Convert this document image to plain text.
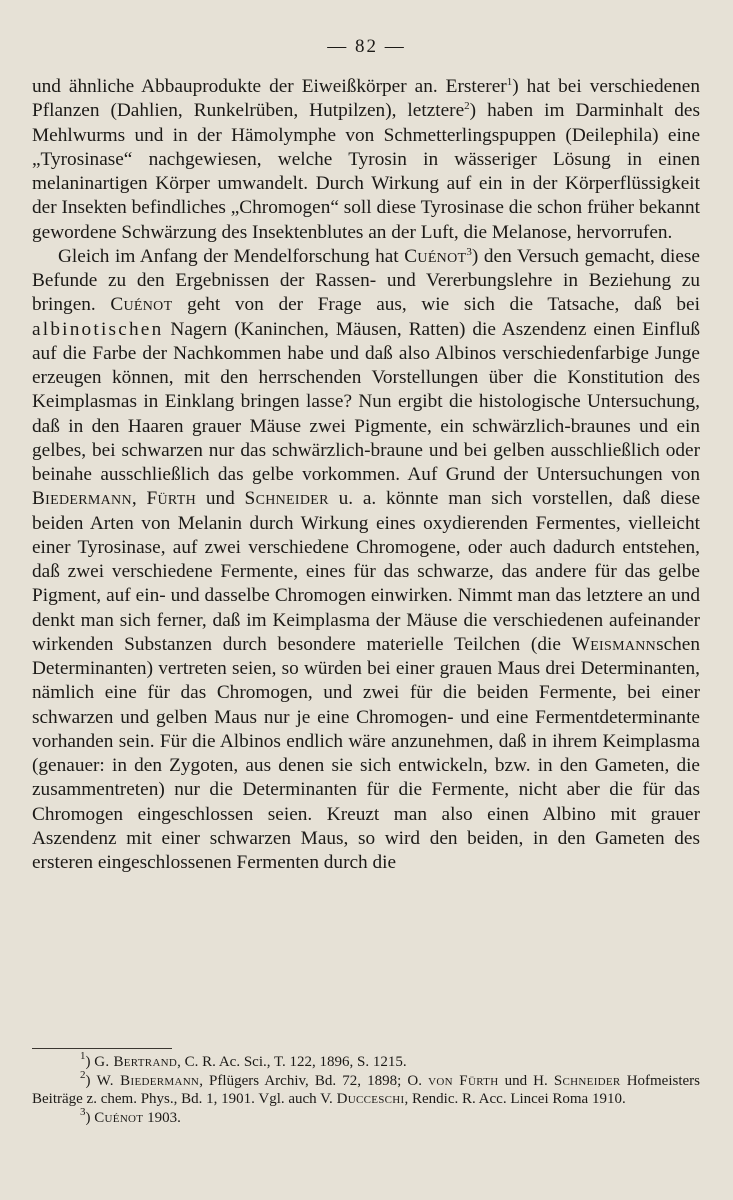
— 82 —

und ähnliche Abbauprodukte der Eiweißkörper an. Ersterer$^1$) hat bei verschiedenen Pflanzen (Dahlien, Runkelrüben, Hutpilzen), letztere$^2$) haben im Darminhalt des Mehlwurms und in der Hämolymphe von Schmetterlingspuppen (Deilephila) eine „Tyrosinase“ nachgewiesen, welche Tyrosin in wässeriger Lösung in einen melaninartigen Körper umwandelt. Durch Wirkung auf ein in der Körperflüssigkeit der Insekten befindliches „Chromogen“ soll diese Tyrosinase die schon früher bekannt gewordene Schwärzung des Insektenblutes an der Luft, die Melanose, hervorrufen.

Gleich im Anfang der Mendelforschung hat Cuénot$^3$) den Versuch gemacht, diese Befunde zu den Ergebnissen der Rassen- und Vererbungslehre in Beziehung zu bringen. Cuénot geht von der Frage aus, wie sich die Tatsache, daß bei albinotischen Nagern (Kaninchen, Mäusen, Ratten) die Aszendenz einen Einfluß auf die Farbe der Nachkommen habe und daß also Albinos verschiedenfarbige Junge erzeugen können, mit den herrschenden Vorstellungen über die Konstitution des Keimplasmas in Einklang bringen lasse? Nun ergibt die histologische Untersuchung, daß in den Haaren grauer Mäuse zwei Pigmente, ein schwärzlich-braunes und ein gelbes, bei schwarzen nur das schwärzlich-braune und bei gelben ausschließlich oder beinahe ausschließlich das gelbe vorkommen. Auf Grund der Untersuchungen von Biedermann, Fürth und Schneider u. a. könnte man sich vorstellen, daß diese beiden Arten von Melanin durch Wirkung eines oxydierenden Fermentes, vielleicht einer Tyrosinase, auf zwei verschiedene Chromogene, oder auch dadurch entstehen, daß zwei verschiedene Fermente, eines für das schwarze, das andere für das gelbe Pigment, auf ein- und dasselbe Chromogen einwirken. Nimmt man das letztere an und denkt man sich ferner, daß im Keimplasma der Mäuse die verschiedenen aufeinander wirkenden Substanzen durch besondere materielle Teilchen (die Weismannschen Determinanten) vertreten seien, so würden bei einer grauen Maus drei Determinanten, nämlich eine für das Chromogen, und zwei für die beiden Fermente, bei einer schwarzen und gelben Maus nur je eine Chromogen- und eine Fermentdeterminante vorhanden sein. Für die Albinos endlich wäre anzunehmen, daß in ihrem Keimplasma (genauer: in den Zygoten, aus denen sie sich entwickeln, bzw. in den Gameten, die zusammentreten) nur die Determinanten für die Fermente, nicht aber die für das Chromogen eingeschlossen seien. Kreuzt man also einen Albino mit grauer Aszendenz mit einer schwarzen Maus, so wird den beiden, in den Gameten des ersteren eingeschlossenen Fermenten durch die

$^1$) G. Bertrand, C. R. Ac. Sci., T. 122, 1896, S. 1215.

$^2$) W. Biedermann, Pflügers Archiv, Bd. 72, 1898; O. von Fürth und H. Schneider Hofmeisters Beiträge z. chem. Phys., Bd. 1, 1901. Vgl. auch V. Ducceschi, Rendic. R. Acc. Lincei Roma 1910.

$^3$) Cuénot 1903.
